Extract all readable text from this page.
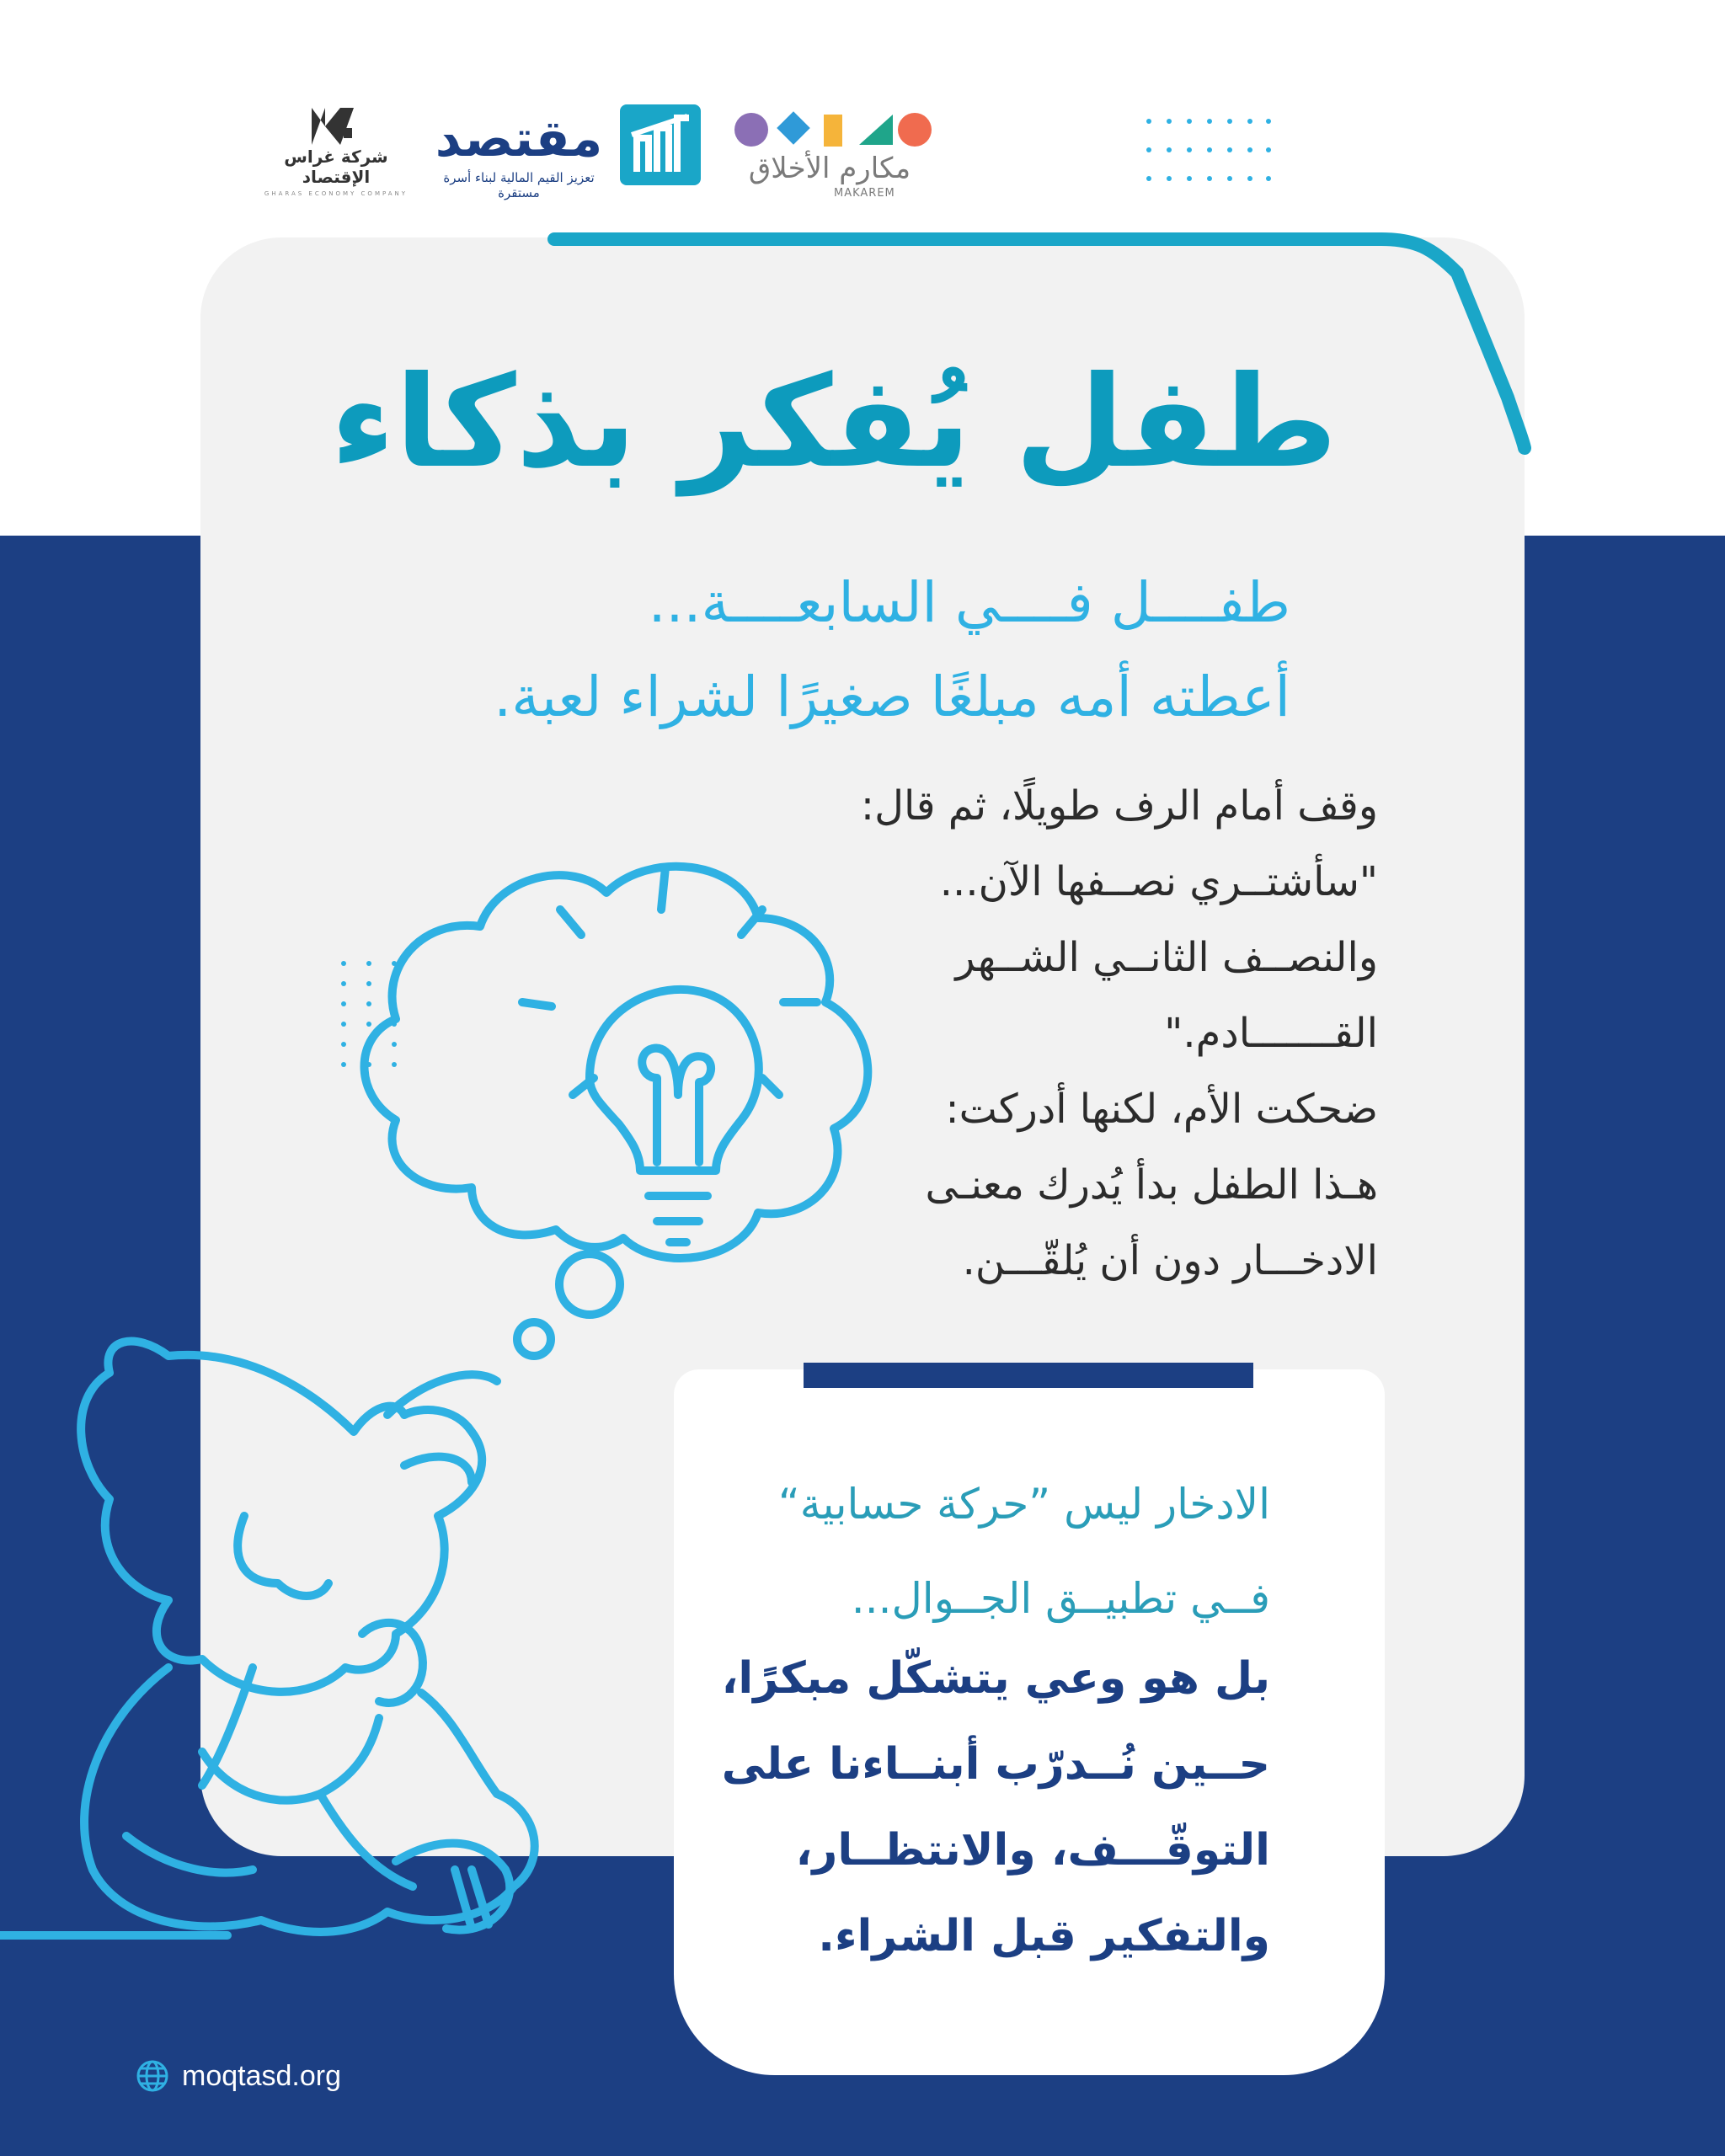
مكارم الأخلاق
MAKAREM
مقتصد
تعزيز القيم المالية لبناء أسرة مستقرة
شركة غراس الإقتصاد
GHARAS ECONOMY COMPANY
طفل يُفكر بذكاء

طفــــل فــــي السابعــــة...

أعطته أمه مبلغًا صغيرًا لشراء لعبة.

وقف أمام الرف طويلًا، ثم قال:

"سأشتــري نصــفها الآن...

والنصــف الثانــي الشــهر

القـــــــادم."

ضحكت الأم، لكنها أدركت:

هـذا الطفل بدأ يُدرك معنـى

الادخـــار دون أن يُلقّـــن.

الادخار ليس ”حركة حسابية“

فــي تطبيــق الجــوال...

بل هو وعي يتشكّل مبكرًا،

حــين نُــدرّب أبنــاءنا على

التوقّـــف، والانتظــار،

والتفكير قبل الشراء.

moqtasd.org
